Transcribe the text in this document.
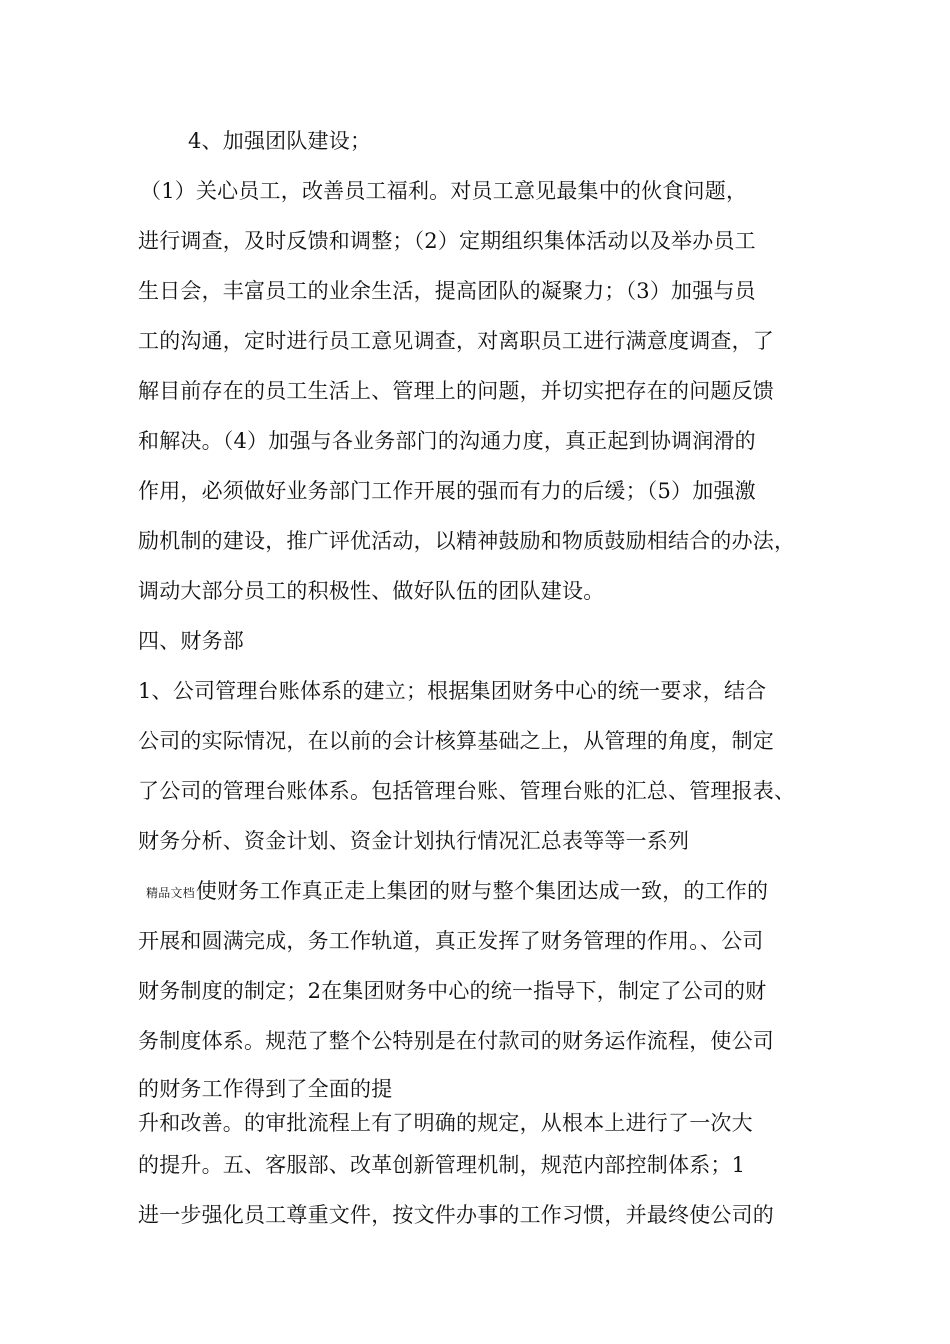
4、加强团队建设；
（1）关心员工，改善员工福利。对员工意见最集中的伙食问题，
进行调查，及时反馈和调整；（2）定期组织集体活动以及举办员工
生日会，丰富员工的业余生活，提高团队的凝聚力；（3）加强与员
工的沟通，定时进行员工意见调查，对离职员工进行满意度调查，了
解目前存在的员工生活上、管理上的问题，并切实把存在的问题反馈
和解决。（4）加强与各业务部门的沟通力度，真正起到协调润滑的
作用，必须做好业务部门工作开展的强而有力的后缓；（5）加强激
励机制的建设，推广评优活动，以精神鼓励和物质鼓励相结合的办法，
调动大部分员工的积极性、做好队伍的团队建设。
四、财务部
1、公司管理台账体系的建立；根据集团财务中心的统一要求，结合
公司的实际情况，在以前的会计核算基础之上，从管理的角度，制定
了公司的管理台账体系。包括管理台账、管理台账的汇总、管理报表、
财务分析、资金计划、资金计划执行情况汇总表等等一系列
精品文档使财务工作真正走上集团的财与整个集团达成一致，的工作的
开展和圆满完成，务工作轨道，真正发挥了财务管理的作用。、公司
财务制度的制定；2在集团财务中心的统一指导下，制定了公司的财
务制度体系。规范了整个公特别是在付款司的财务运作流程，使公司
的财务工作得到了全面的提
升和改善。的审批流程上有了明确的规定，从根本上进行了一次大
的提升。五、客服部、改革创新管理机制，规范内部控制体系；1
进一步强化员工尊重文件，按文件办事的工作习惯，并最终使公司的
